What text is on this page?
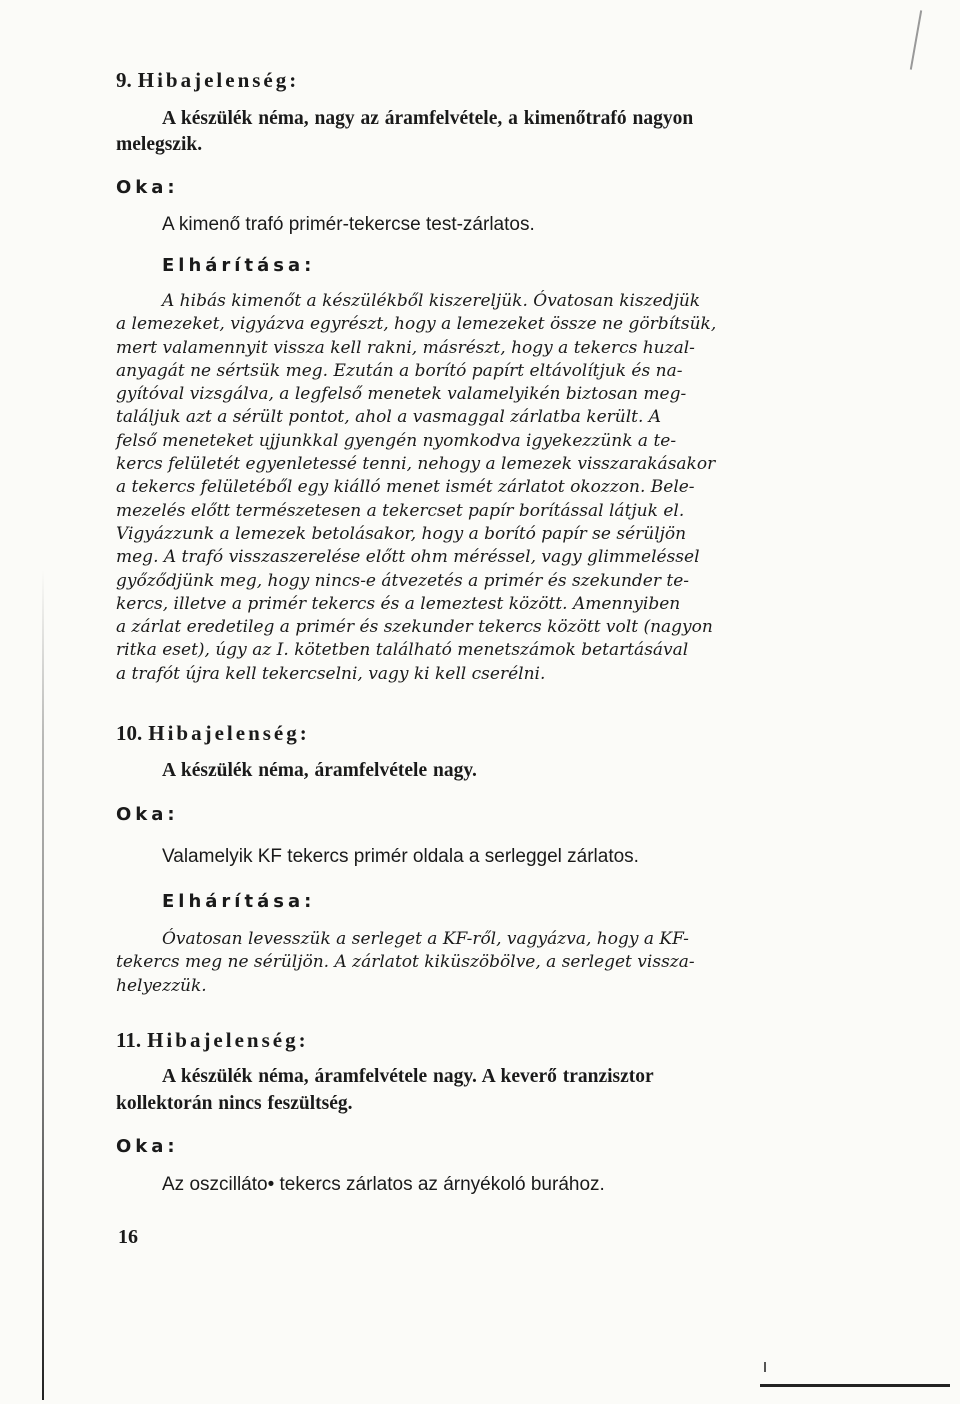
9. Hibajelenség:
A készülék néma, nagy az áramfelvétele, a kimenőtrafó nagyon
melegszik.
Oka:
A kimenő trafó primér-tekercse test-zárlatos.
Elhárítása:
A hibás kimenőt a készülékből kiszereljük. Óvatosan kiszedjük
a lemezeket, vigyázva egyrészt, hogy a lemezeket össze ne görbítsük,
mert valamennyit vissza kell rakni, másrészt, hogy a tekercs huzal-
anyagát ne sértsük meg. Ezután a borító papírt eltávolítjuk és na-
gyítóval vizsgálva, a legfelső menetek valamelyikén biztosan meg-
találjuk azt a sérült pontot, ahol a vasmaggal zárlatba került. A
felső meneteket ujjunkkal gyengén nyomkodva igyekezzünk a te-
kercs felületét egyenletessé tenni, nehogy a lemezek visszarakásakor
a tekercs felületéből egy kiálló menet ismét zárlatot okozzon. Bele-
mezelés előtt természetesen a tekercset papír borítással látjuk el.
Vigyázzunk a lemezek betolásakor, hogy a borító papír se sérüljön
meg. A trafó visszaszerelése előtt ohm méréssel, vagy glimmeléssel
győződjünk meg, hogy nincs-e átvezetés a primér és szekunder te-
kercs, illetve a primér tekercs és a lemeztest között. Amennyiben
a zárlat eredetileg a primér és szekunder tekercs között volt (nagyon
ritka eset), úgy az I. kötetben található menetszámok betartásával
a trafót újra kell tekercselni, vagy ki kell cserélni.
10. Hibajelenség:
A készülék néma, áramfelvétele nagy.
Oka:
Valamelyik KF tekercs primér oldala a serleggel zárlatos.
Elhárítása:
Óvatosan levesszük a serleget a KF-ről, vagyázva, hogy a KF-
tekercs meg ne sérüljön. A zárlatot kiküszöbölve, a serleget vissza-
helyezzük.
11. Hibajelenség:
A készülék néma, áramfelvétele nagy. A keverő tranzisztor
kollektorán nincs feszültség.
Oka:
Az oszcilláto• tekercs zárlatos az árnyékoló burához.
16
